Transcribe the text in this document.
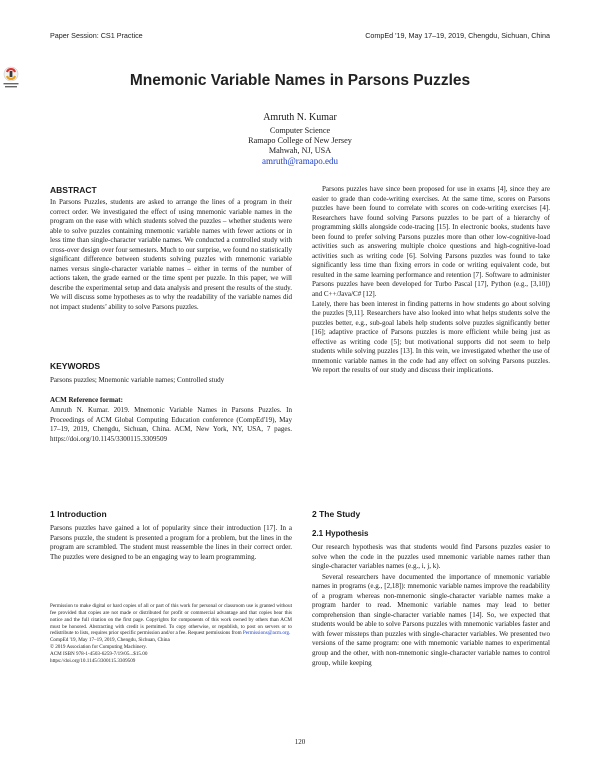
Paper Session: CS1 Practice	CompEd '19, May 17–19, 2019, Chengdu, Sichuan, China
Mnemonic Variable Names in Parsons Puzzles
Amruth N. Kumar
Computer Science
Ramapo College of New Jersey
Mahwah, NJ, USA
amruth@ramapo.edu
ABSTRACT
In Parsons Puzzles, students are asked to arrange the lines of a program in their correct order. We investigated the effect of using mnemonic variable names in the program on the ease with which students solved the puzzles – whether students were able to solve puzzles containing mnemonic variable names with fewer actions or in less time than single-character variable names. We conducted a controlled study with cross-over design over four semesters. Much to our surprise, we found no statistically significant difference between students solving puzzles with mnemonic variable names versus single-character variable names – either in terms of the number of actions taken, the grade earned or the time spent per puzzle. In this paper, we will describe the experimental setup and data analysis and present the results of the study. We will discuss some hypotheses as to why the readability of the variable names did not impact students’ ability to solve Parsons puzzles.
KEYWORDS
Parsons puzzles; Mnemonic variable names; Controlled study
ACM Reference format:
Amruth N. Kumar. 2019. Mnemonic Variable Names in Parsons Puzzles. In Proceedings of ACM Global Computing Education conference (CompEd'19), May 17–19, 2019, Chengdu, Sichuan, China. ACM, New York, NY, USA, 7 pages. https://doi.org/10.1145/3300115.3309509
1 Introduction
Parsons puzzles have gained a lot of popularity since their introduction [17]. In a Parsons puzzle, the student is presented a program for a problem, but the lines in the program are scrambled. The student must reassemble the lines in their correct order. The puzzles were designed to be an engaging way to learn programming.
Permission to make digital or hard copies of all or part of this work for personal or classroom use is granted without fee provided that copies are not made or distributed for profit or commercial advantage and that copies bear this notice and the full citation on the first page. Copyrights for components of this work owned by others than ACM must be honored. Abstracting with credit is permitted. To copy otherwise, or republish, to post on servers or to redistribute to lists, requires prior specific permission and/or a fee. Request permissions from Permissions@acm.org.
CompEd '19, May 17–19, 2019, Chengdu, Sichuan, China
© 2019 Association for Computing Machinery.
ACM ISBN 978-1-4503-6259-7/19/05...$15.00
https://doi.org/10.1145/3300115.3309509

Parsons puzzles have since been proposed for use in exams [4], since they are easier to grade than code-writing exercises. At the same time, scores on Parsons puzzles have been found to correlate with scores on code-writing exercises [4]. Researchers have found solving Parsons puzzles to be part of a hierarchy of programming skills alongside code-tracing [15]. In electronic books, students have been found to prefer solving Parsons puzzles more than other low-cognitive-load activities such as answering multiple choice questions and high-cognitive-load activities such as writing code [6]. Solving Parsons puzzles was found to take significantly less time than fixing errors in code or writing equivalent code, but resulted in the same learning performance and retention [7]. Software to administer Parsons puzzles have been developed for Turbo Pascal [17], Python (e.g., [3,10]) and C++/Java/C# [12].

Lately, there has been interest in finding patterns in how students go about solving the puzzles [9,11]. Researchers have also looked into what helps students solve the puzzles better, e.g., sub-goal labels help students solve puzzles significantly better [16]; adaptive practice of Parsons puzzles is more efficient while being just as effective as writing code [5]; but motivational supports did not seem to help students while solving puzzles [13]. In this vein, we investigated whether the use of mnemonic variable names in the code had any effect on solving Parsons puzzles. We report the results of our study and discuss their implications.

2 The Study
2.1 Hypothesis

Our research hypothesis was that students would find Parsons puzzles easier to solve when the code in the puzzles used mnemonic variable names rather than single-character variables names (e.g., i, j, k).

Several researchers have documented the importance of mnemonic variable names in programs (e.g., [2,18]): mnemonic variable names improve the readability of a program whereas non-mnemonic single-character variable names make a program harder to read. Mnemonic variable names may lead to better comprehension than single-character variable names [14]. So, we expected that students would be able to solve Parsons puzzles with mnemonic variables faster and with fewer missteps than puzzles with single-character variables. We presented two versions of the same program: one with mnemonic variable names to experimental group and the other, with non-mnemonic single-character variable names to control group, while keeping

120
